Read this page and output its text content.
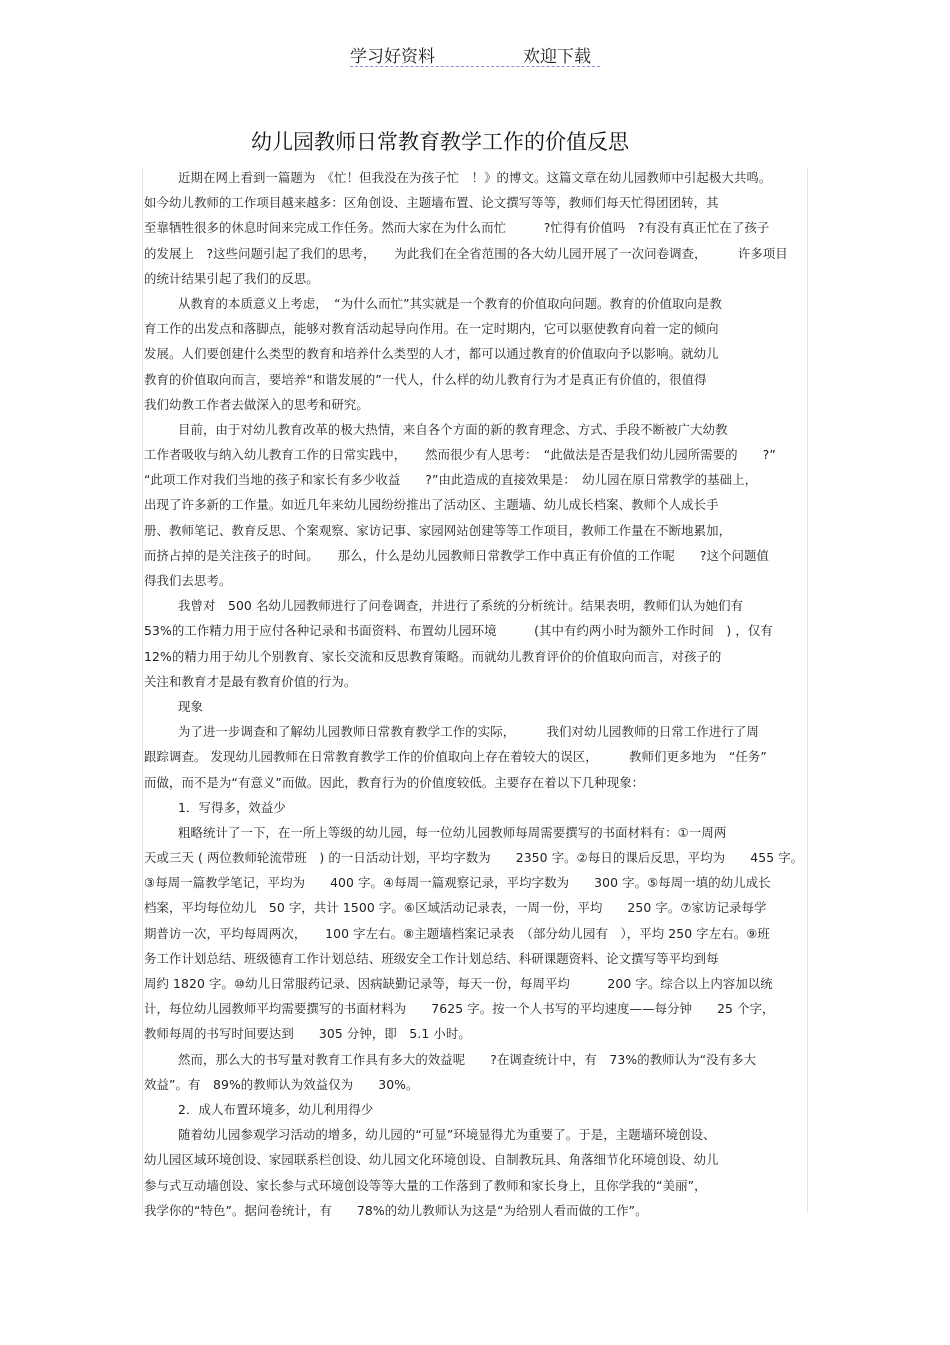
学习好资料	欢迎下载
幼儿园教师日常教育教学工作的价值反思
近期在网上看到一篇题为　《忙！但我没在为孩子忙　！》的博文。这篇文章在幼儿园教师中引起极大共鸣。
如今幼儿教师的工作项目越来越多：区角创设、主题墙布置、论文撰写等等，教师们每天忙得团团转，其
至靠牺牲很多的休息时间来完成工作任务。然而大家在为什么而忙　　　?忙得有价值吗　?有没有真正忙在了孩子
的发展上　?这些问题引起了我们的思考，　　为此我们在全省范围的各大幼儿园开展了一次问卷调查，　　　许多项目
的统计结果引起了我们的反思。
从教育的本质意义上考虑，　“为什么而忙”其实就是一个教育的价值取向问题。教育的价值取向是教
育工作的出发点和落脚点，能够对教育活动起导向作用。在一定时期内，它可以驱使教育向着一定的倾向
发展。人们要创建什么类型的教育和培养什么类型的人才，都可以通过教育的价值取向予以影响。就幼儿
教育的价值取向而言，要培养“和谐发展的”一代人，什么样的幼儿教育行为才是真正有价值的，很值得
我们幼教工作者去做深入的思考和研究。
目前，由于对幼儿教育改革的极大热情，来自各个方面的新的教育理念、方式、手段不断被广大幼教
工作者吸收与纳入幼儿教育工作的日常实践中，　　然而很少有人思考：　“此做法是否是我们幼儿园所需要的　　?”
“此项工作对我们当地的孩子和家长有多少收益　　?”由此造成的直接效果是：　幼儿园在原日常教学的基础上，
出现了许多新的工作量。如近几年来幼儿园纷纷推出了活动区、主题墙、幼儿成长档案、教师个人成长手
册、教师笔记、教育反思、个案观察、家访记事、家园网站创建等等工作项目，教师工作量在不断地累加，
而挤占掉的是关注孩子的时间。　　那么，什么是幼儿园教师日常教学工作中真正有价值的工作呢　　?这个问题值
得我们去思考。
我曾对　500 名幼儿园教师进行了问卷调查，并进行了系统的分析统计。结果表明，教师们认为她们有
53%的工作精力用于应付各种记录和书面资料、布置幼儿园环境　　　(其中有约两小时为额外工作时间　) ，仅有
12%的精力用于幼儿个别教育、家长交流和反思教育策略。而就幼儿教育评价的价值取向而言，对孩子的
关注和教育才是最有教育价值的行为。
现象
为了进一步调查和了解幼儿园教师日常教育教学工作的实际，　　　我们对幼儿园教师的日常工作进行了周
跟踪调查。 发现幼儿园教师在日常教育教学工作的价值取向上存在着较大的误区，　　　教师们更多地为　“任务”
而做，而不是为“有意义”而做。因此，教育行为的价值度较低。主要存在着以下几种现象：
1．写得多，效益少
粗略统计了一下，在一所上等级的幼儿园，每一位幼儿园教师每周需要撰写的书面材料有：①一周两
天或三天 ( 两位教师轮流带班　) 的一日活动计划，平均字数为　　2350 字。②每日的课后反思，平均为　　455 字。
③每周一篇教学笔记，平均为　　400 字。④每周一篇观察记录，平均字数为　　300 字。⑤每周一填的幼儿成长
档案，平均每位幼儿　50 字，共计 1500 字。⑥区域活动记录表，一周一份，平均　　250 字。⑦家访记录每学
期普访一次，平均每周两次，　　100 字左右。⑧主题墙档案记录表　（部分幼儿园有　），平均 250 字左右。⑨班
务工作计划总结、班级德育工作计划总结、班级安全工作计划总结、科研课题资料、论文撰写等平均到每
周约 1820 字。⑩幼儿日常服药记录、因病缺勤记录等，每天一份，每周平均　　　200 字。综合以上内容加以统
计，每位幼儿园教师平均需要撰写的书面材料为　　7625 字。按一个人书写的平均速度——每分钟　　25 个字，
教师每周的书写时间要达到　　305 分钟，即　5.1 小时。
然而，那么大的书写量对教育工作具有多大的效益呢　　?在调查统计中，有　73%的教师认为“没有多大
效益”。有　89%的教师认为效益仅为　　30%。
2．成人布置环境多，幼儿利用得少
随着幼儿园参观学习活动的增多，幼儿园的“可显”环境显得尤为重要了。于是，主题墙环境创设、
幼儿园区域环境创设、家园联系栏创设、幼儿园文化环境创设、自制教玩具、角落细节化环境创设、幼儿
参与式互动墙创设、家长参与式环境创设等等大量的工作落到了教师和家长身上，且你学我的“美丽”，
我学你的“特色”。据问卷统计，有　　78%的幼儿教师认为这是“为给别人看而做的工作”。
